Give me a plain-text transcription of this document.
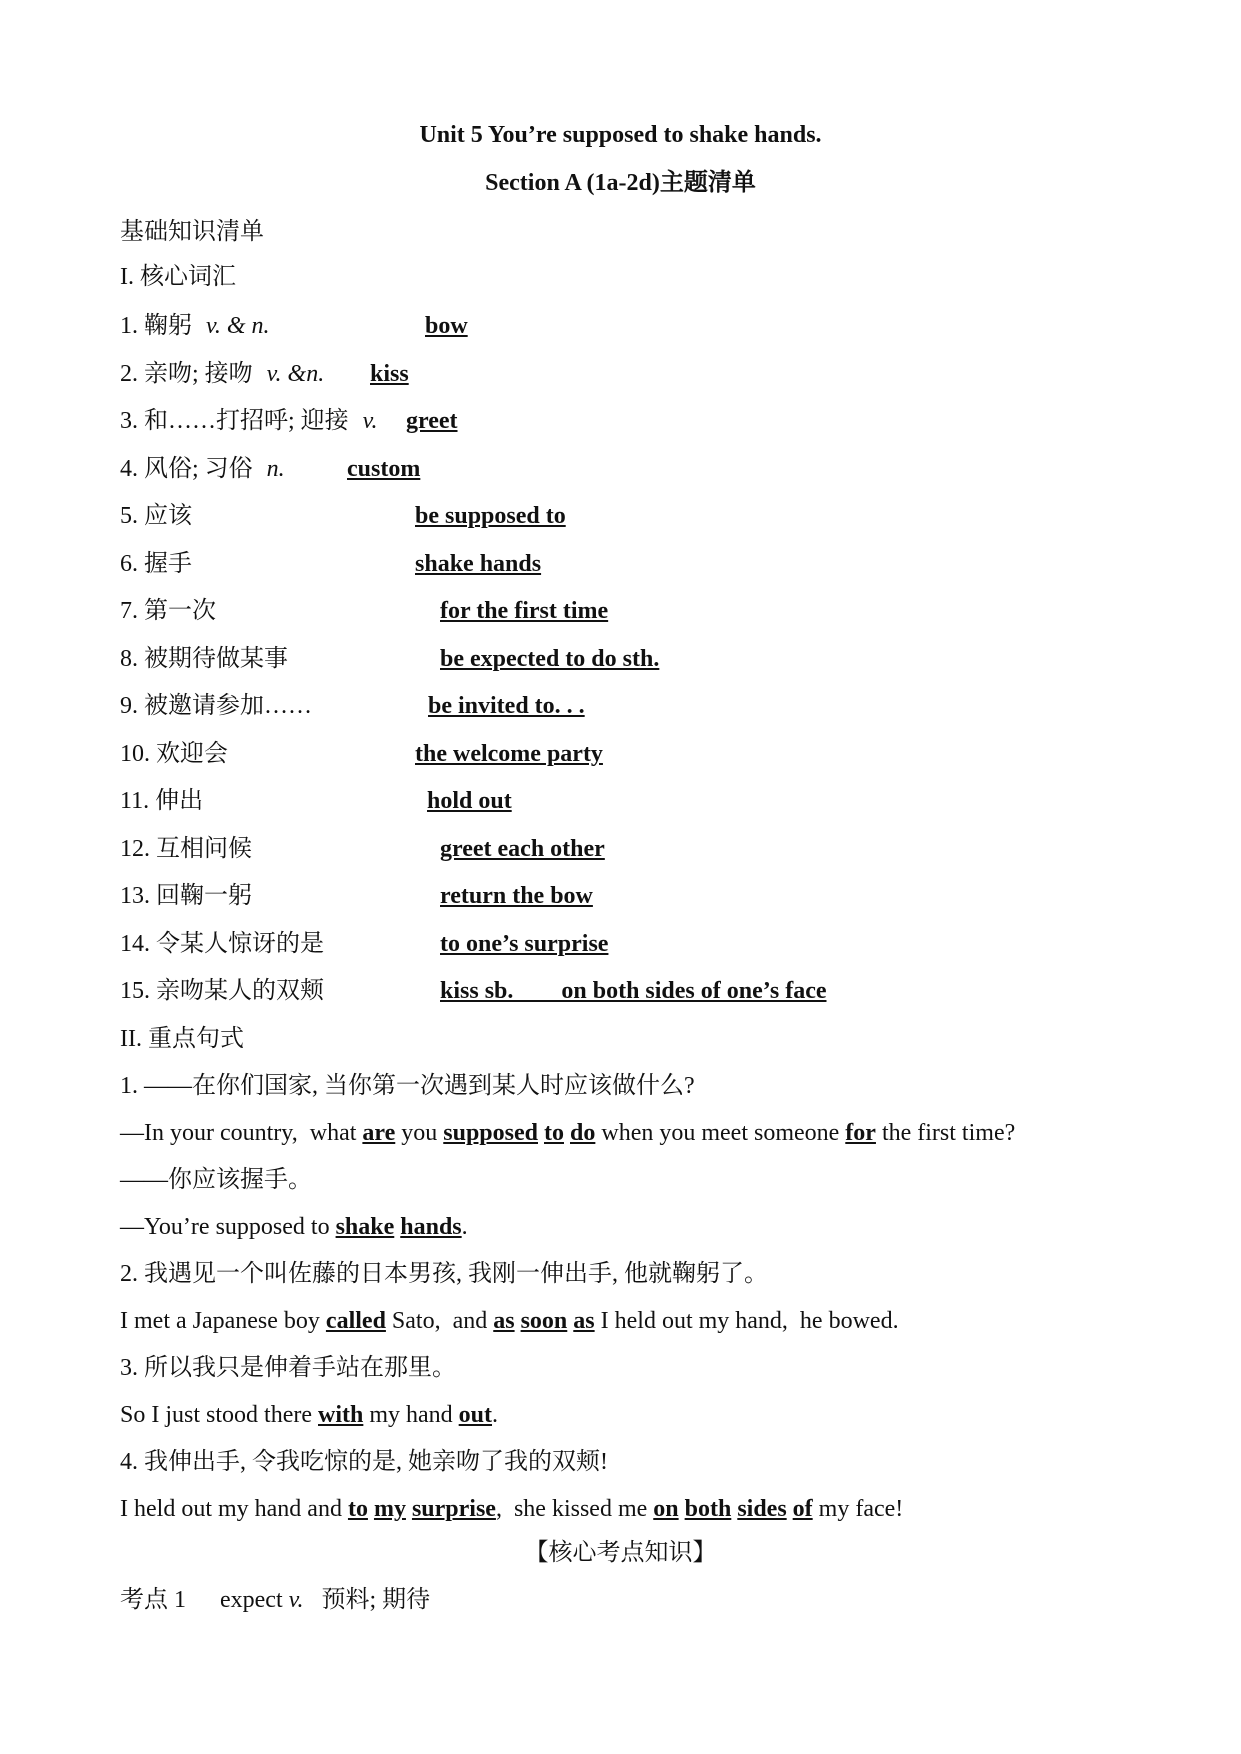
Unit 5 You’re supposed to shake hands.
Section A (1a-2d)主题清单
基础知识清单
I. 核心词汇
1. 鞠躬 v. & n.	bow
2. 亲吻; 接吻 v. &n. kiss
3. 和……打招呼; 迎接 v. greet
4. 风俗; 习俗 n.	custom
5. 应该	be supposed to
6. 握手	shake hands
7. 第一次	for the first time
8. 被期待做某事	be expected to do sth.
9. 被邀请参加……	be invited to. . .
10. 欢迎会	the welcome party
11. 伸出	hold out
12. 互相问候	greet each other
13. 回鞠一躬	return the bow
14. 令某人惊讶的是	to one’s surprise
15. 亲吻某人的双颊	kiss sb.        on both sides of one’s face
II. 重点句式
1. ——在你们国家, 当你第一次遇到某人时应该做什么?
—In your country,  what are you supposed to do when you meet someone for the first time?
——你应该握手。
—You’re supposed to shake hands.
2. 我遇见一个叫佐藤的日本男孩, 我刚一伸出手, 他就鞠躬了。
I met a Japanese boy called Sato,  and as soon as I held out my hand,  he bowed.
3. 所以我只是伸着手站在那里。
So I just stood there with my hand out.
4. 我伸出手, 令我吃惊的是, 她亲吻了我的双颊!
I held out my hand and to my surprise,  she kissed me on both sides of my face!
【核心考点知识】
考点 1 expect v. 预料; 期待
